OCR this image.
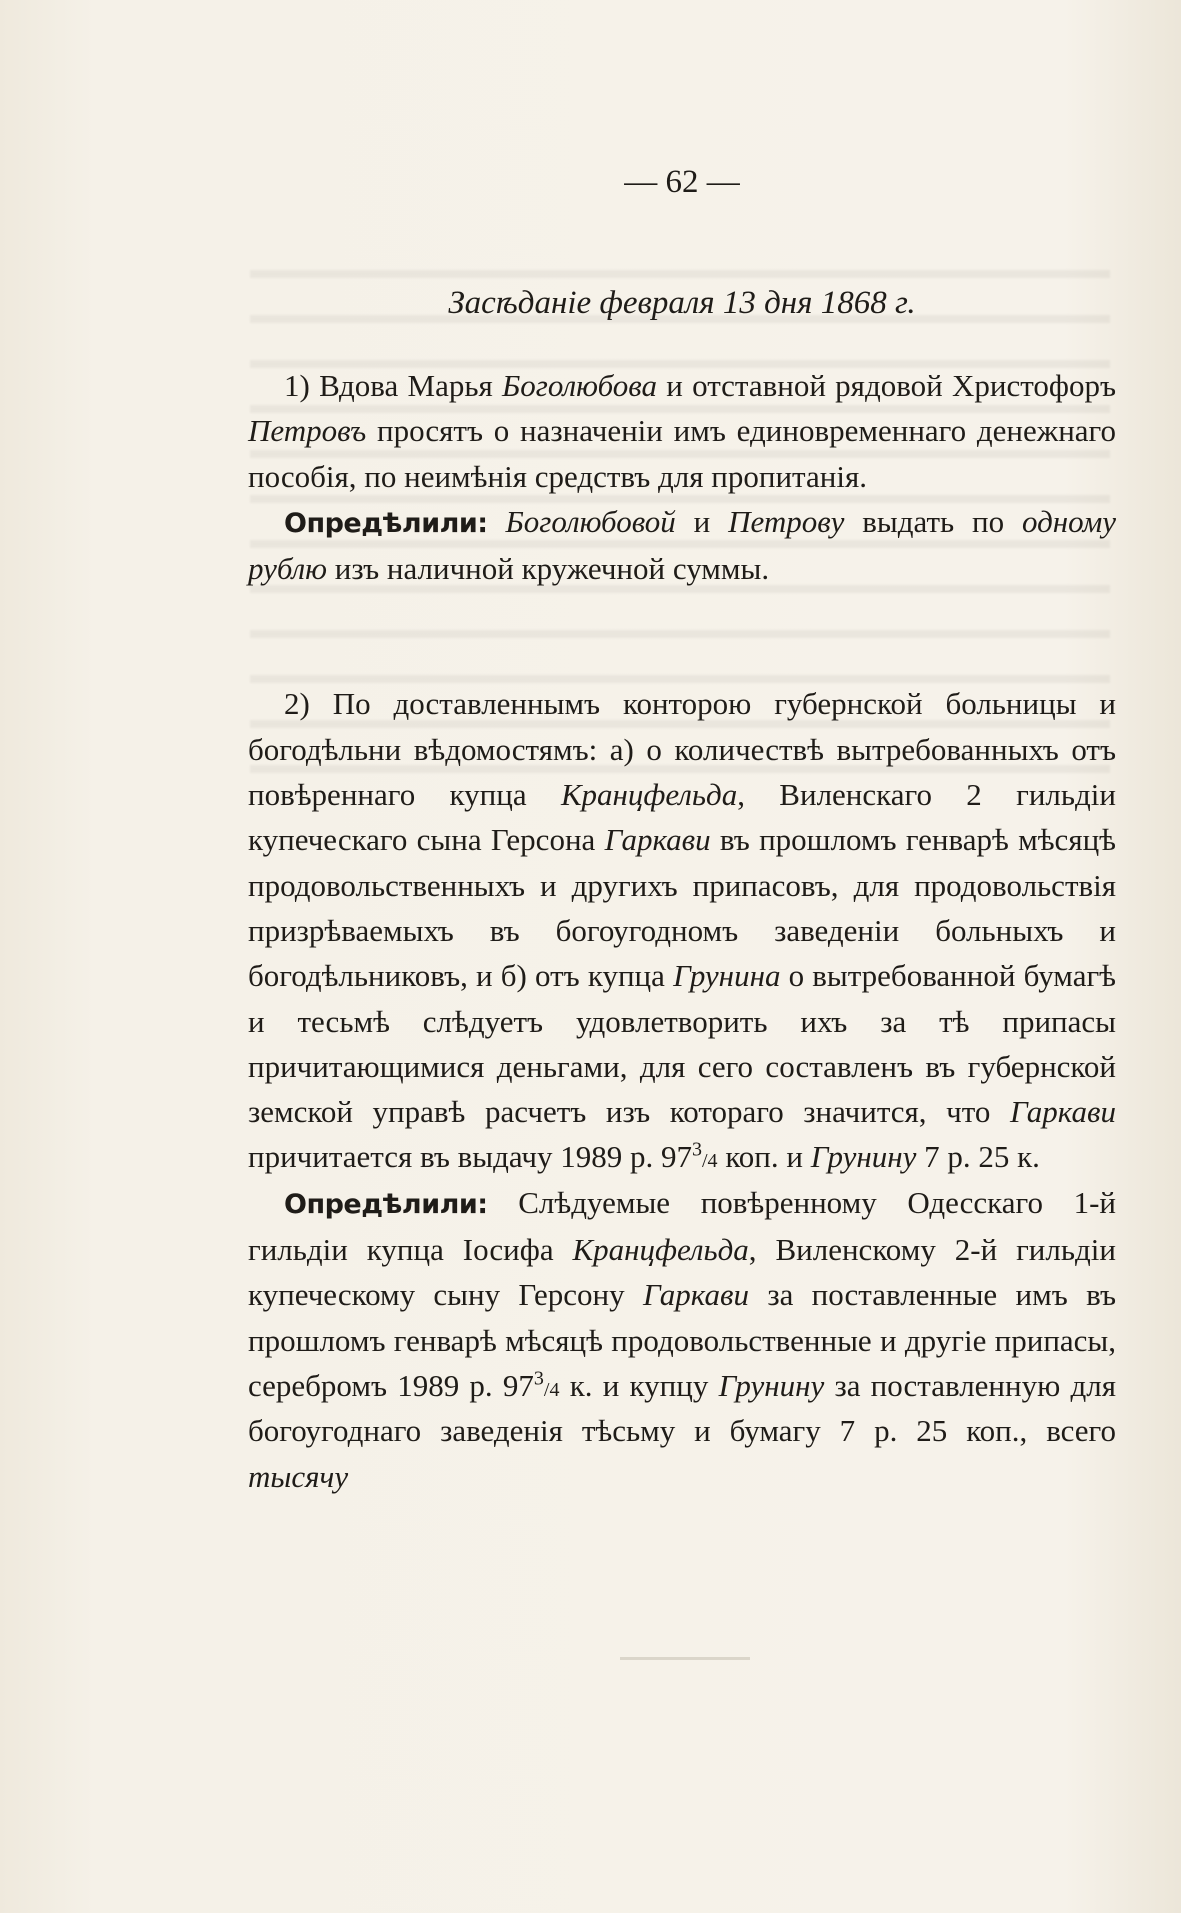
— 62 —
Засѣданіе февраля 13 дня 1868 г.

1) Вдова Марья Боголюбова и отставной рядовой Христофоръ Петровъ просятъ о назначеніи имъ единовременнаго денежнаго пособія, по неимѣнія средствъ для пропитанія.

Опредѣлили: Боголюбовой и Петрову выдать по одному рублю изъ наличной кружечной суммы.

2) По доставленнымъ конторою губернской больницы и богодѣльни вѣдомостямъ: а) о количествѣ вытребованныхъ отъ повѣреннаго купца Кранцфельда, Виленскаго 2 гильдіи купеческаго сына Герсона Гаркави въ прошломъ генварѣ мѣсяцѣ продовольственныхъ и другихъ припасовъ, для продовольствія призрѣваемыхъ въ богоугодномъ заведеніи больныхъ и богодѣльниковъ, и б) отъ купца Грунина о вытребованной бумагѣ и тесьмѣ слѣдуетъ удовлетворить ихъ за тѣ припасы причитающимися деньгами, для сего составленъ въ губернской земской управѣ расчетъ изъ котораго значится, что Гаркави причитается въ выдачу 1989 р. $97^3/4$ коп. и Грунину 7 р. 25 к.

Опредѣлили: Слѣдуемые повѣренному Одесскаго 1-й гильдіи купца Іосифа Кранцфельда, Виленскому 2-й гильдіи купеческому сыну Герсону Гаркави за поставленные имъ въ прошломъ генварѣ мѣсяцѣ продовольственные и другіе припасы, серебромъ 1989 р. $97^3/4$ к. и купцу Грунину за поставленную для богоугоднаго заведенія тѣсьму и бумагу 7 р. 25 коп., всего тысячу
